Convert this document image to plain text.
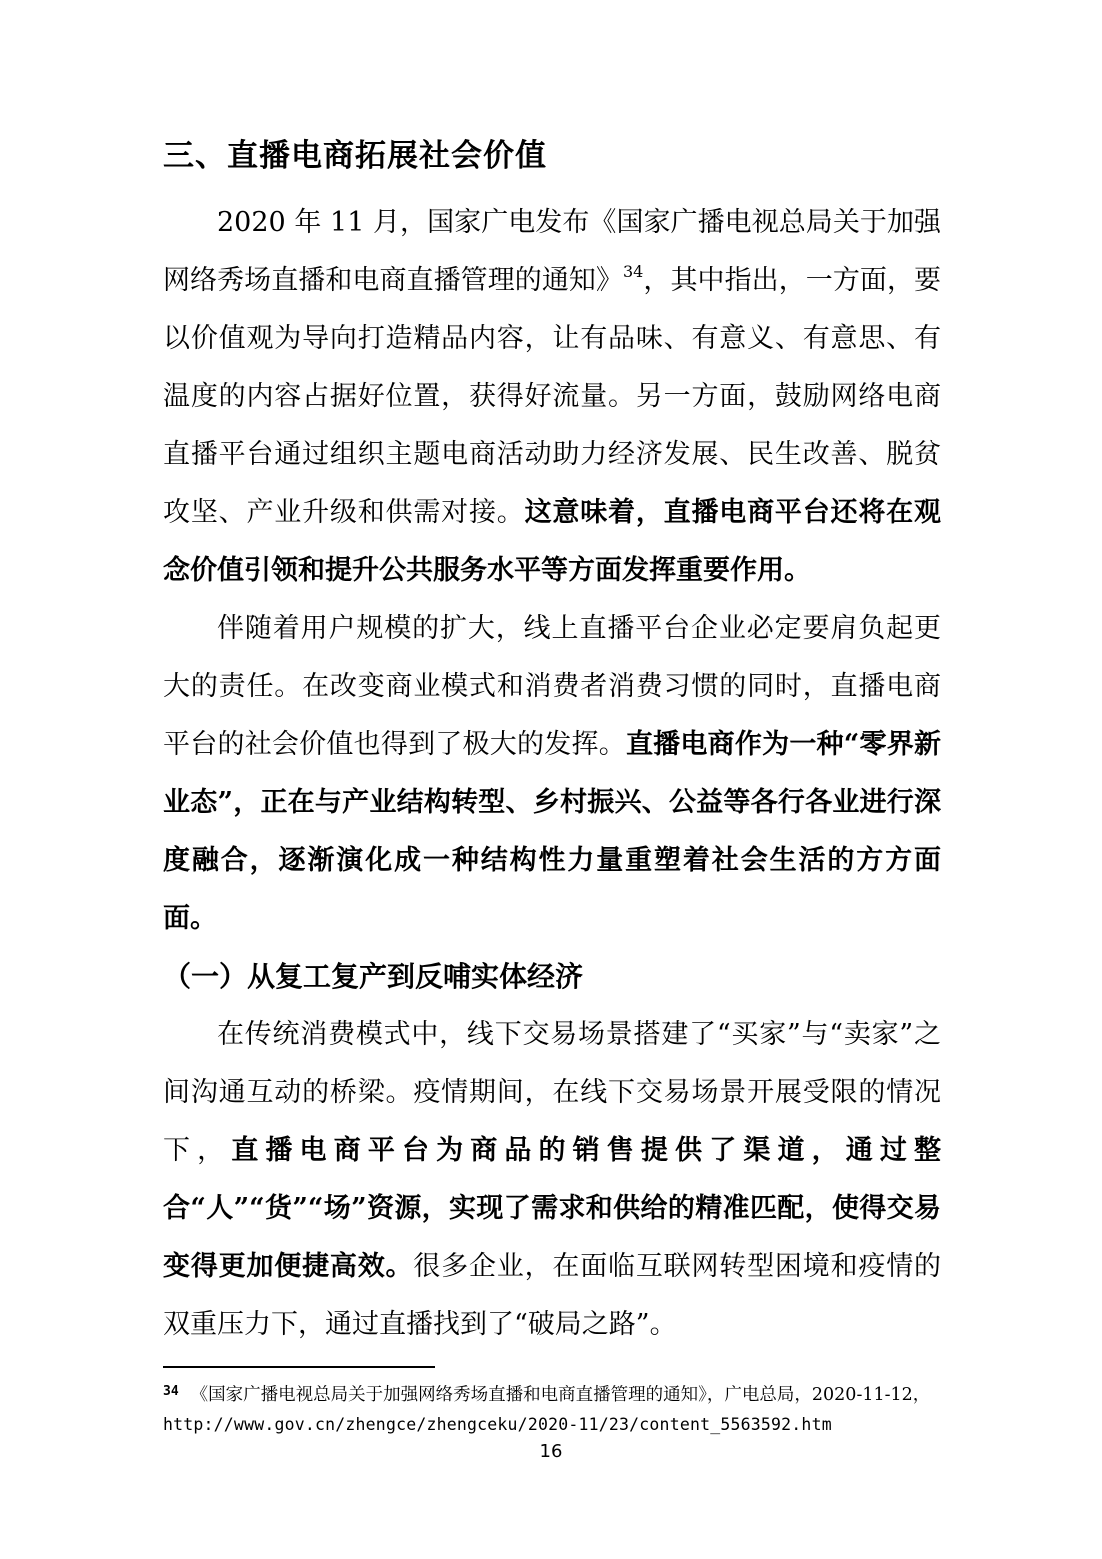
三、直播电商拓展社会价值

2020 年 11 月，国家广电发布《国家广播电视总局关于加强网络秀场直播和电商直播管理的通知》$^{34}$，其中指出，一方面，要以价值观为导向打造精品内容，让有品味、有意义、有意思、有温度的内容占据好位置，获得好流量。另一方面，鼓励网络电商直播平台通过组织主题电商活动助力经济发展、民生改善、脱贫攻坚、产业升级和供需对接。这意味着，直播电商平台还将在观念价值引领和提升公共服务水平等方面发挥重要作用。

伴随着用户规模的扩大，线上直播平台企业必定要肩负起更大的责任。在改变商业模式和消费者消费习惯的同时，直播电商平台的社会价值也得到了极大的发挥。直播电商作为一种“零界新业态”，正在与产业结构转型、乡村振兴、公益等各行各业进行深度融合，逐渐演化成一种结构性力量重塑着社会生活的方方面面。

（一）从复工复产到反哺实体经济

在传统消费模式中，线下交易场景搭建了“买家”与“卖家”之间沟通互动的桥梁。疫情期间，在线下交易场景开展受限的情况下，直播电商平台为商品的销售提供了渠道，通过整合“人”“货”“场”资源，实现了需求和供给的精准匹配，使得交易变得更加便捷高效。很多企业，在面临互联网转型困境和疫情的双重压力下，通过直播找到了“破局之路”。

$^{34}$ 《国家广播电视总局关于加强网络秀场直播和电商直播管理的通知》，广电总局，2020-11-12，http://www.gov.cn/zhengce/zhengceku/2020-11/23/content_5563592.htm
16
